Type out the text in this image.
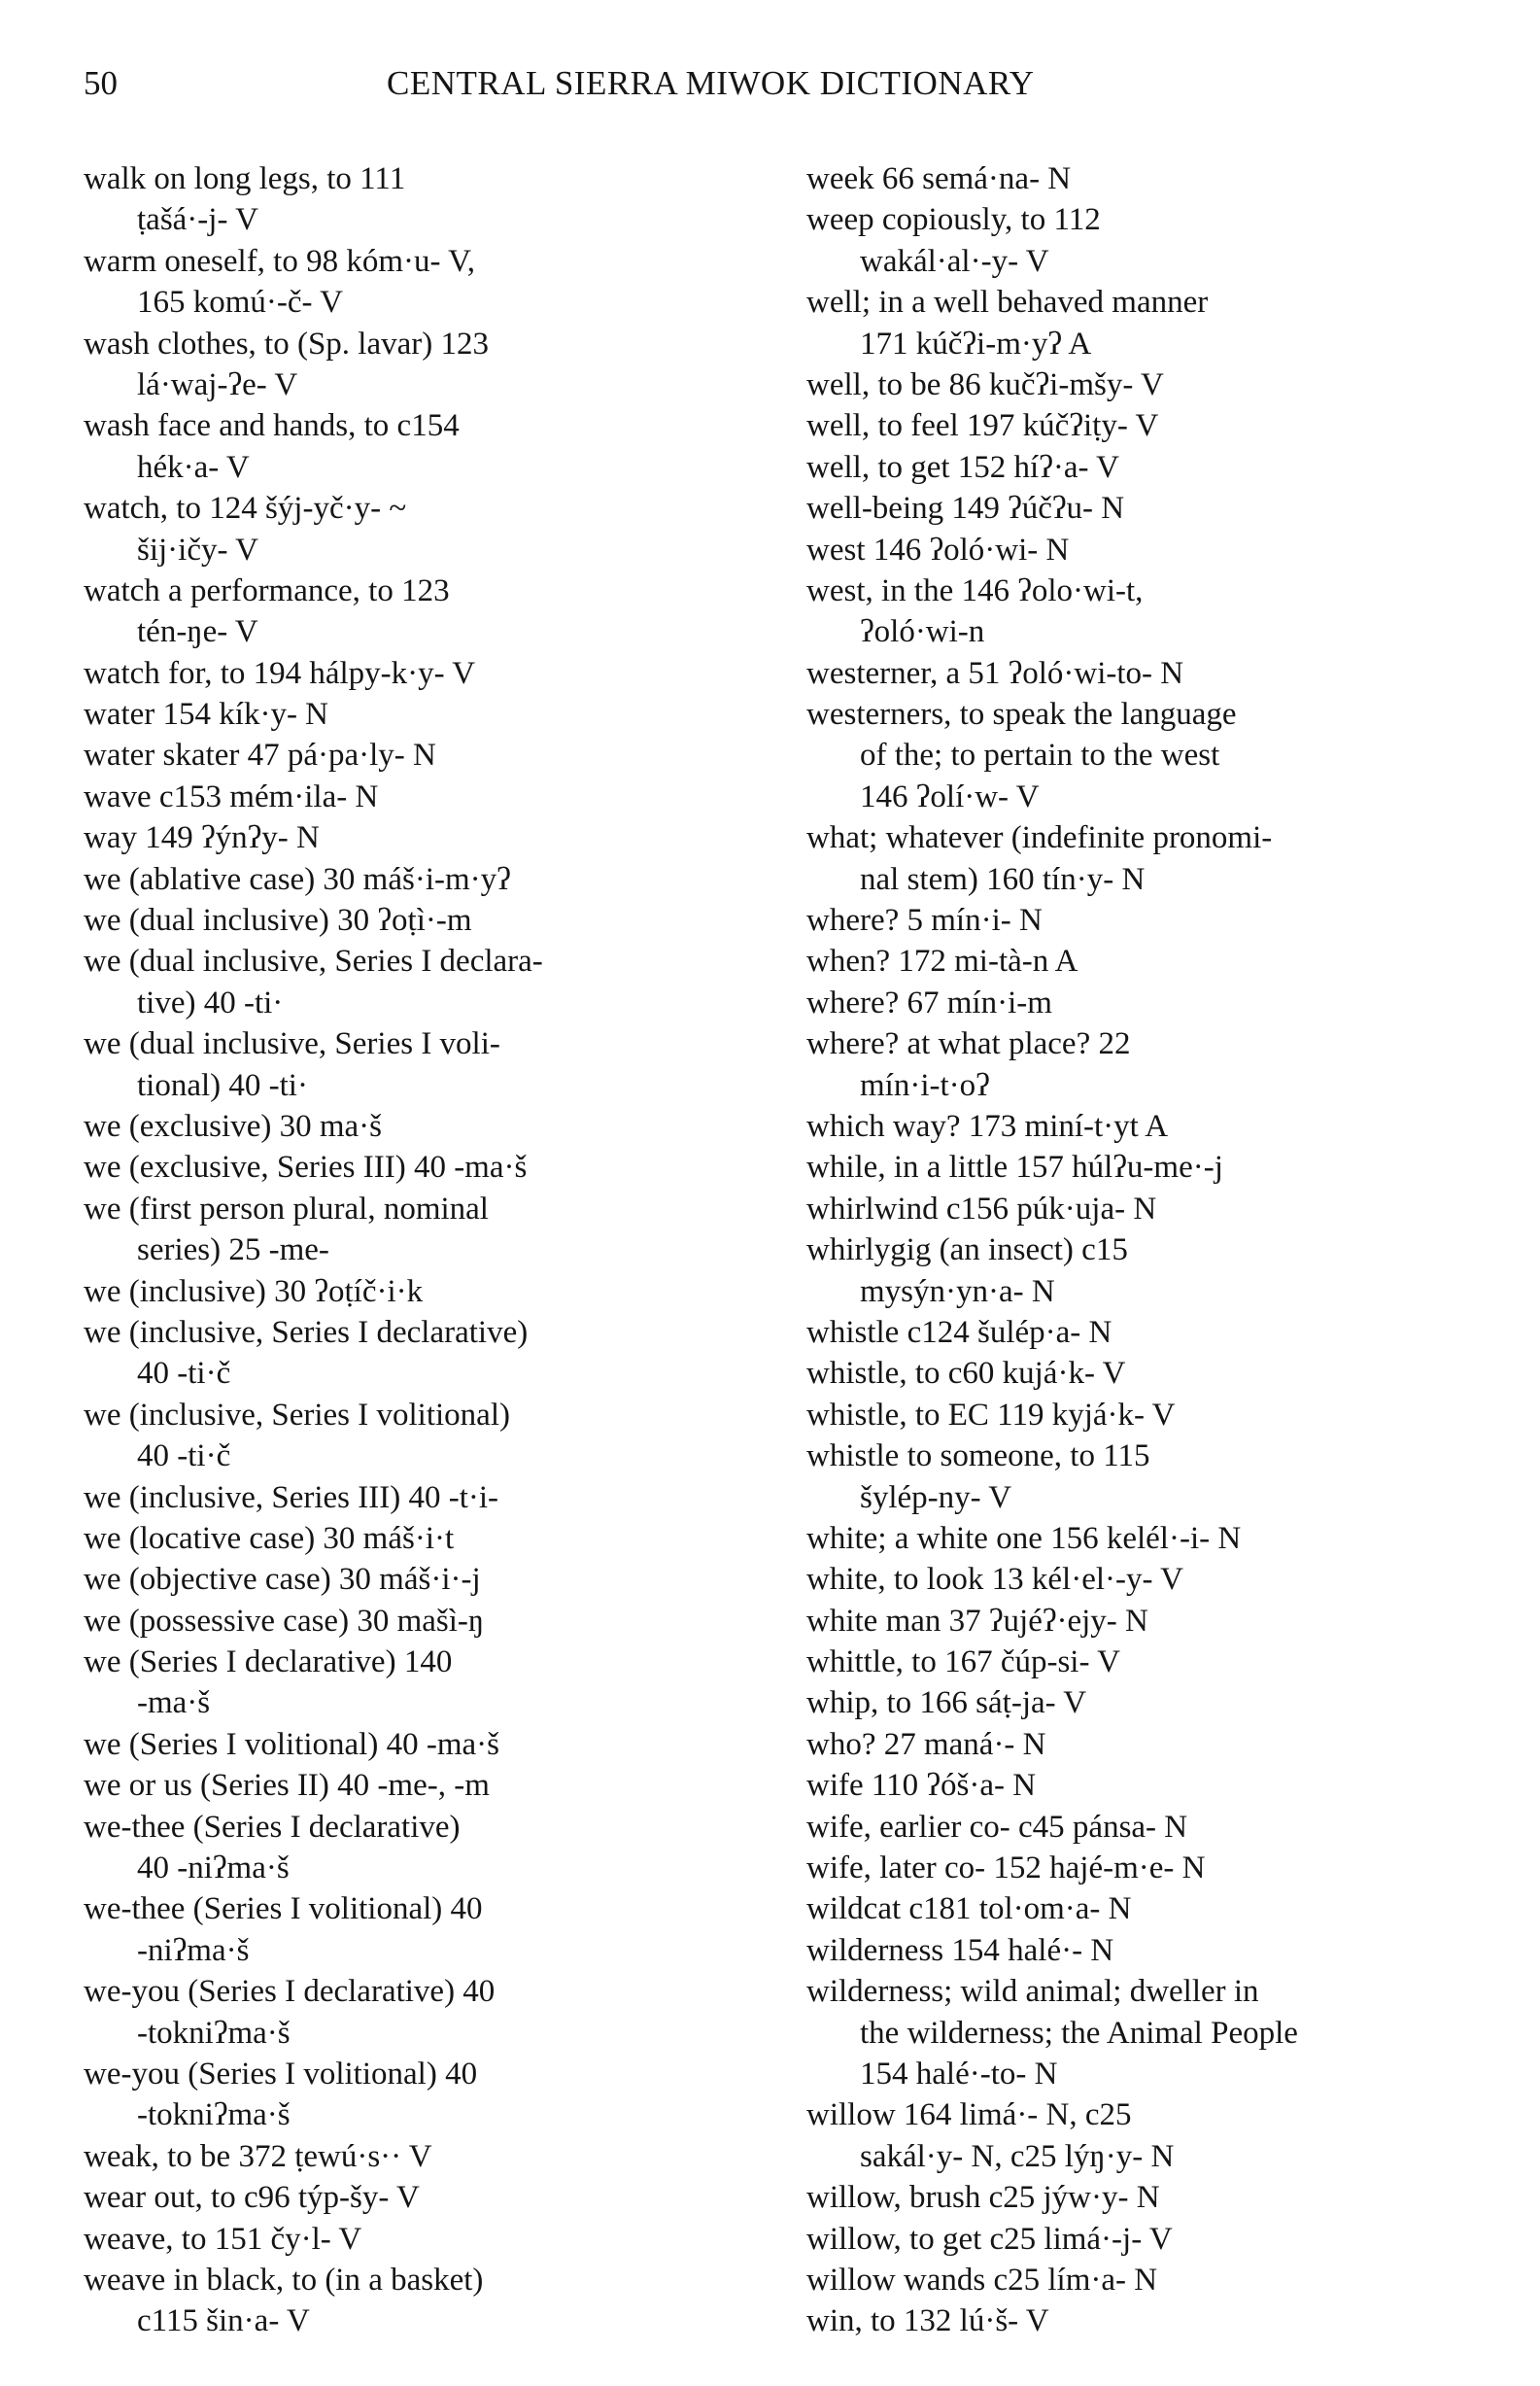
50	CENTRAL SIERRA MIWOK DICTIONARY
walk on long legs, to 111
ṭašá·-j- V
warm oneself, to 98 kóm·u- V,
165 komú·-č- V
wash clothes, to (Sp. lavar) 123
lá·waj-ʔe- V
wash face and hands, to c154
hék·a- V
watch, to 124 šýj-yč·y- ~
šij·ičy- V
watch a performance, to 123
tén-ŋe- V
watch for, to 194 hálpy-k·y- V
water 154 kík·y- N
water skater 47 pá·pa·ly- N
wave c153 mém·ila- N
way 149 ʔýnʔy- N
we (ablative case) 30 máš·i-m·yʔ
we (dual inclusive) 30 ʔoṭì·-m
we (dual inclusive, Series I declara-
tive) 40 -ti·
we (dual inclusive, Series I voli-
tional) 40 -ti·
we (exclusive) 30 ma·š
we (exclusive, Series III) 40 -ma·š
we (first person plural, nominal
series) 25 -me-
we (inclusive) 30 ʔoṭíč·i·k
we (inclusive, Series I declarative)
40 -ti·č
we (inclusive, Series I volitional)
40 -ti·č
we (inclusive, Series III) 40 -t·i-
we (locative case) 30 máš·i·t
we (objective case) 30 máš·i·-j
we (possessive case) 30 mašì-ŋ
we (Series I declarative) 140
-ma·š
we (Series I volitional) 40 -ma·š
we or us (Series II) 40 -me-, -m
we-thee (Series I declarative)
40 -niʔma·š
we-thee (Series I volitional) 40
-niʔma·š
we-you (Series I declarative) 40
-tokniʔma·š
we-you (Series I volitional) 40
-tokniʔma·š
weak, to be 372 ṭewú·s·· V
wear out, to c96 týp-šy- V
weave, to 151 čy·l- V
weave in black, to (in a basket)
c115 šin·a- V
week 66 semá·na- N
weep copiously, to 112
wakál·al·-y- V
well; in a well behaved manner
171 kúčʔi-m·yʔ A
well, to be 86 kučʔi-mšy- V
well, to feel 197 kúčʔiṭy- V
well, to get 152 híʔ·a- V
well-being 149 ʔúčʔu- N
west 146 ʔoló·wi- N
west, in the 146 ʔolo·wi-t,
ʔoló·wi-n
westerner, a 51 ʔoló·wi-to- N
westerners, to speak the language
of the; to pertain to the west
146 ʔolí·w- V
what; whatever (indefinite pronomi-
nal stem) 160 tín·y- N
where? 5 mín·i- N
when? 172 mi-tà-n A
where? 67 mín·i-m
where? at what place? 22
mín·i-t·oʔ
which way? 173 miní-t·yt A
while, in a little 157 húlʔu-me·-j
whirlwind c156 púk·uja- N
whirlygig (an insect) c15
mysýn·yn·a- N
whistle c124 šulép·a- N
whistle, to c60 kujá·k- V
whistle, to EC 119 kyjá·k- V
whistle to someone, to 115
šylép-ny- V
white; a white one 156 kelél·-i- N
white, to look 13 kél·el·-y- V
white man 37 ʔujéʔ·ejy- N
whittle, to 167 čúp-si- V
whip, to 166 sáṭ-ja- V
who? 27 maná·- N
wife 110 ʔóš·a- N
wife, earlier co- c45 pánsa- N
wife, later co- 152 hajé-m·e- N
wildcat c181 tol·om·a- N
wilderness 154 halé·- N
wilderness; wild animal; dweller in
the wilderness; the Animal People
154 halé·-to- N
willow 164 limá·- N, c25
sakál·y- N, c25 lýŋ·y- N
willow, brush c25 jýw·y- N
willow, to get c25 limá·-j- V
willow wands c25 lím·a- N
win, to 132 lú·š- V
